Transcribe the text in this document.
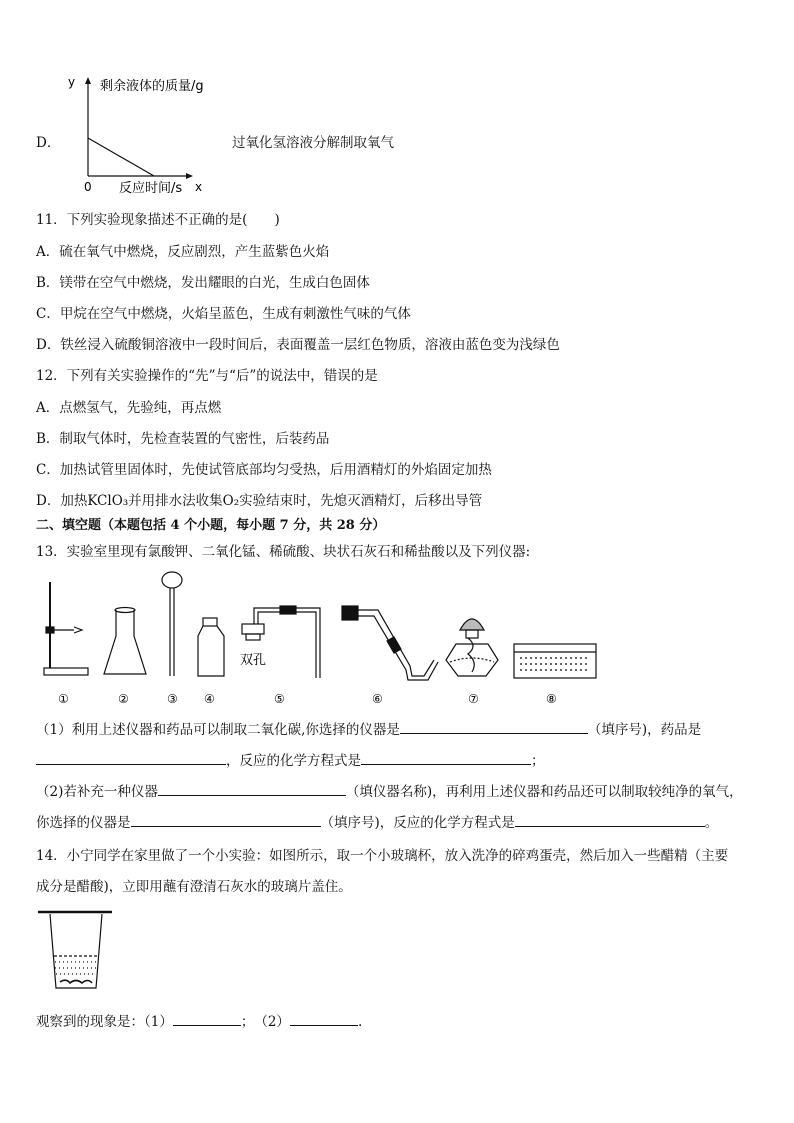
D．
y 剩余液体的质量/g
0 反应时间/s x
过氧化氢溶液分解制取氧气
11．下列实验现象描述不正确的是(　　)
A．硫在氧气中燃烧，反应剧烈，产生蓝紫色火焰
B．镁带在空气中燃烧，发出耀眼的白光，生成白色固体
C．甲烷在空气中燃烧，火焰呈蓝色，生成有刺激性气味的气体
D．铁丝浸入硫酸铜溶液中一段时间后，表面覆盖一层红色物质，溶液由蓝色变为浅绿色
12．下列有关实验操作的“先”与“后”的说法中，错误的是
A．点燃氢气，先验纯，再点燃
B．制取气体时，先检查装置的气密性，后装药品
C．加热试管里固体时，先使试管底部均匀受热，后用酒精灯的外焰固定加热
D．加热KClO₃并用排水法收集O₂实验结束时，先熄灭酒精灯，后移出导管
二、填空题（本题包括 4 个小题，每小题 7 分，共 28 分）
13．实验室里现有氯酸钾、二氧化锰、稀硫酸、块状石灰石和稀盐酸以及下列仪器:
双孔
①	②	③ ④	⑤	⑥	⑦	⑧
（1）利用上述仪器和药品可以制取二氧化碳,你选择的仪器是	（填序号)，药品是
，反应的化学方程式是	；
（2)若补充一种仪器	（填仪器名称)，再利用上述仪器和药品还可以制取较纯净的氧气，
你选择的仪器是	（填序号)，反应的化学方程式是	。
14．小宁同学在家里做了一个小实验：如图所示，取一个小玻璃杯，放入洗净的碎鸡蛋壳，然后加入一些醋精（主要
成分是醋酸)，立即用蘸有澄清石灰水的玻璃片盖住。
观察到的现象是：（1）	；　（2）	.
